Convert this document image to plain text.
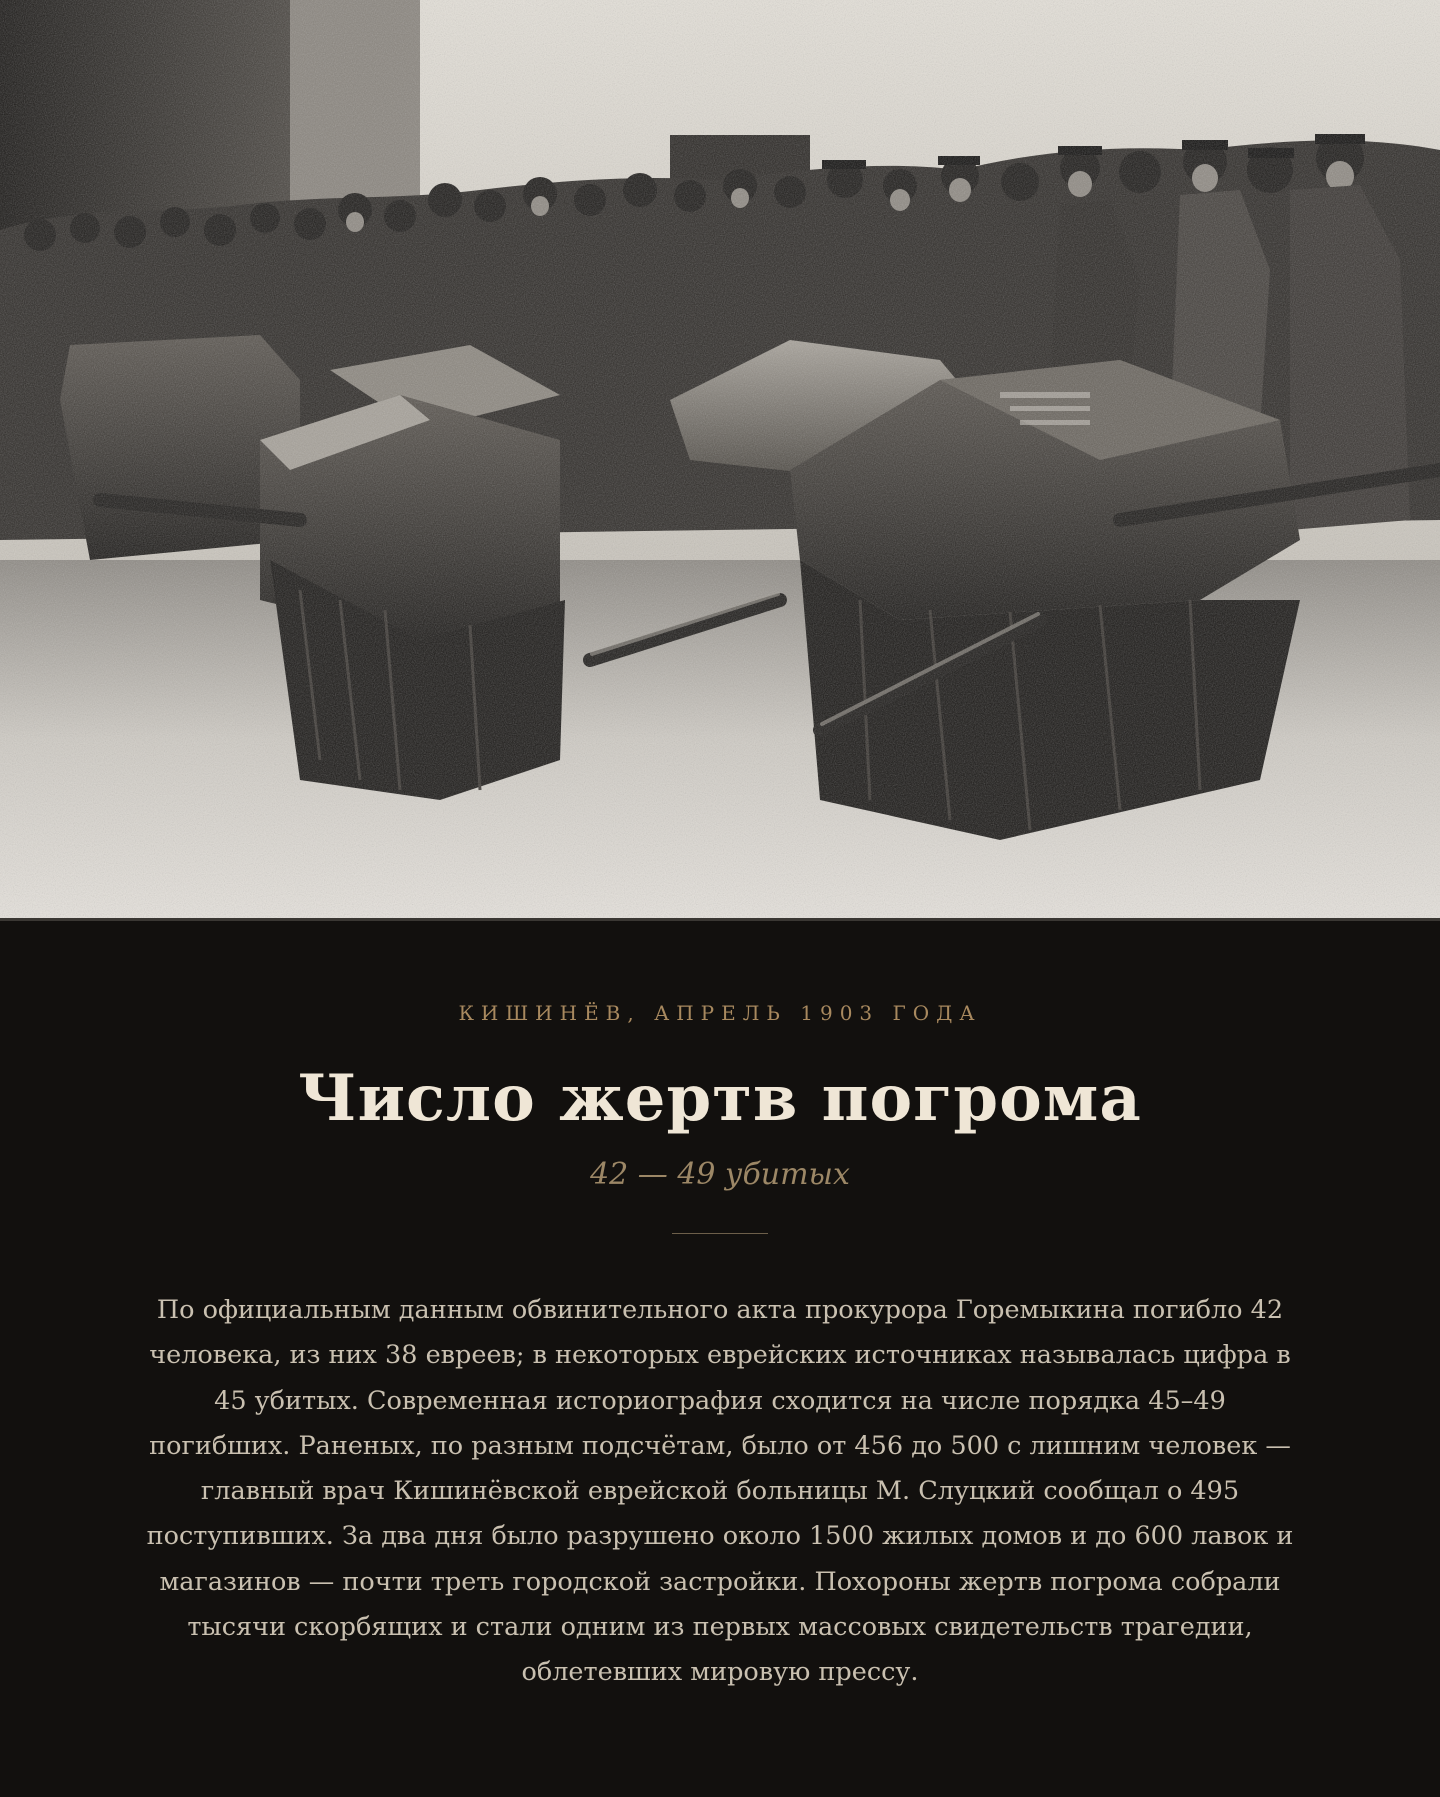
КИШИНЁВ, АПРЕЛЬ 1903 ГОДА
Число жертв погрома
42 — 49 убитых

По официальным данным обвинительного акта прокурора Горемыкина погибло 42 человека, из них 38 евреев; в некоторых еврейских источниках называлась цифра в 45 убитых. Современная историография сходится на числе порядка 45–49 погибших. Раненых, по разным подсчётам, было от 456 до 500 с лишним человек — главный врач Кишинёвской еврейской больницы М. Слуцкий сообщал о 495 поступивших. За два дня было разрушено около 1500 жилых домов и до 600 лавок и магазинов — почти треть городской застройки. Похороны жертв погрома собрали тысячи скорбящих и стали одним из первых массовых свидетельств трагедии, облетевших мировую прессу.
